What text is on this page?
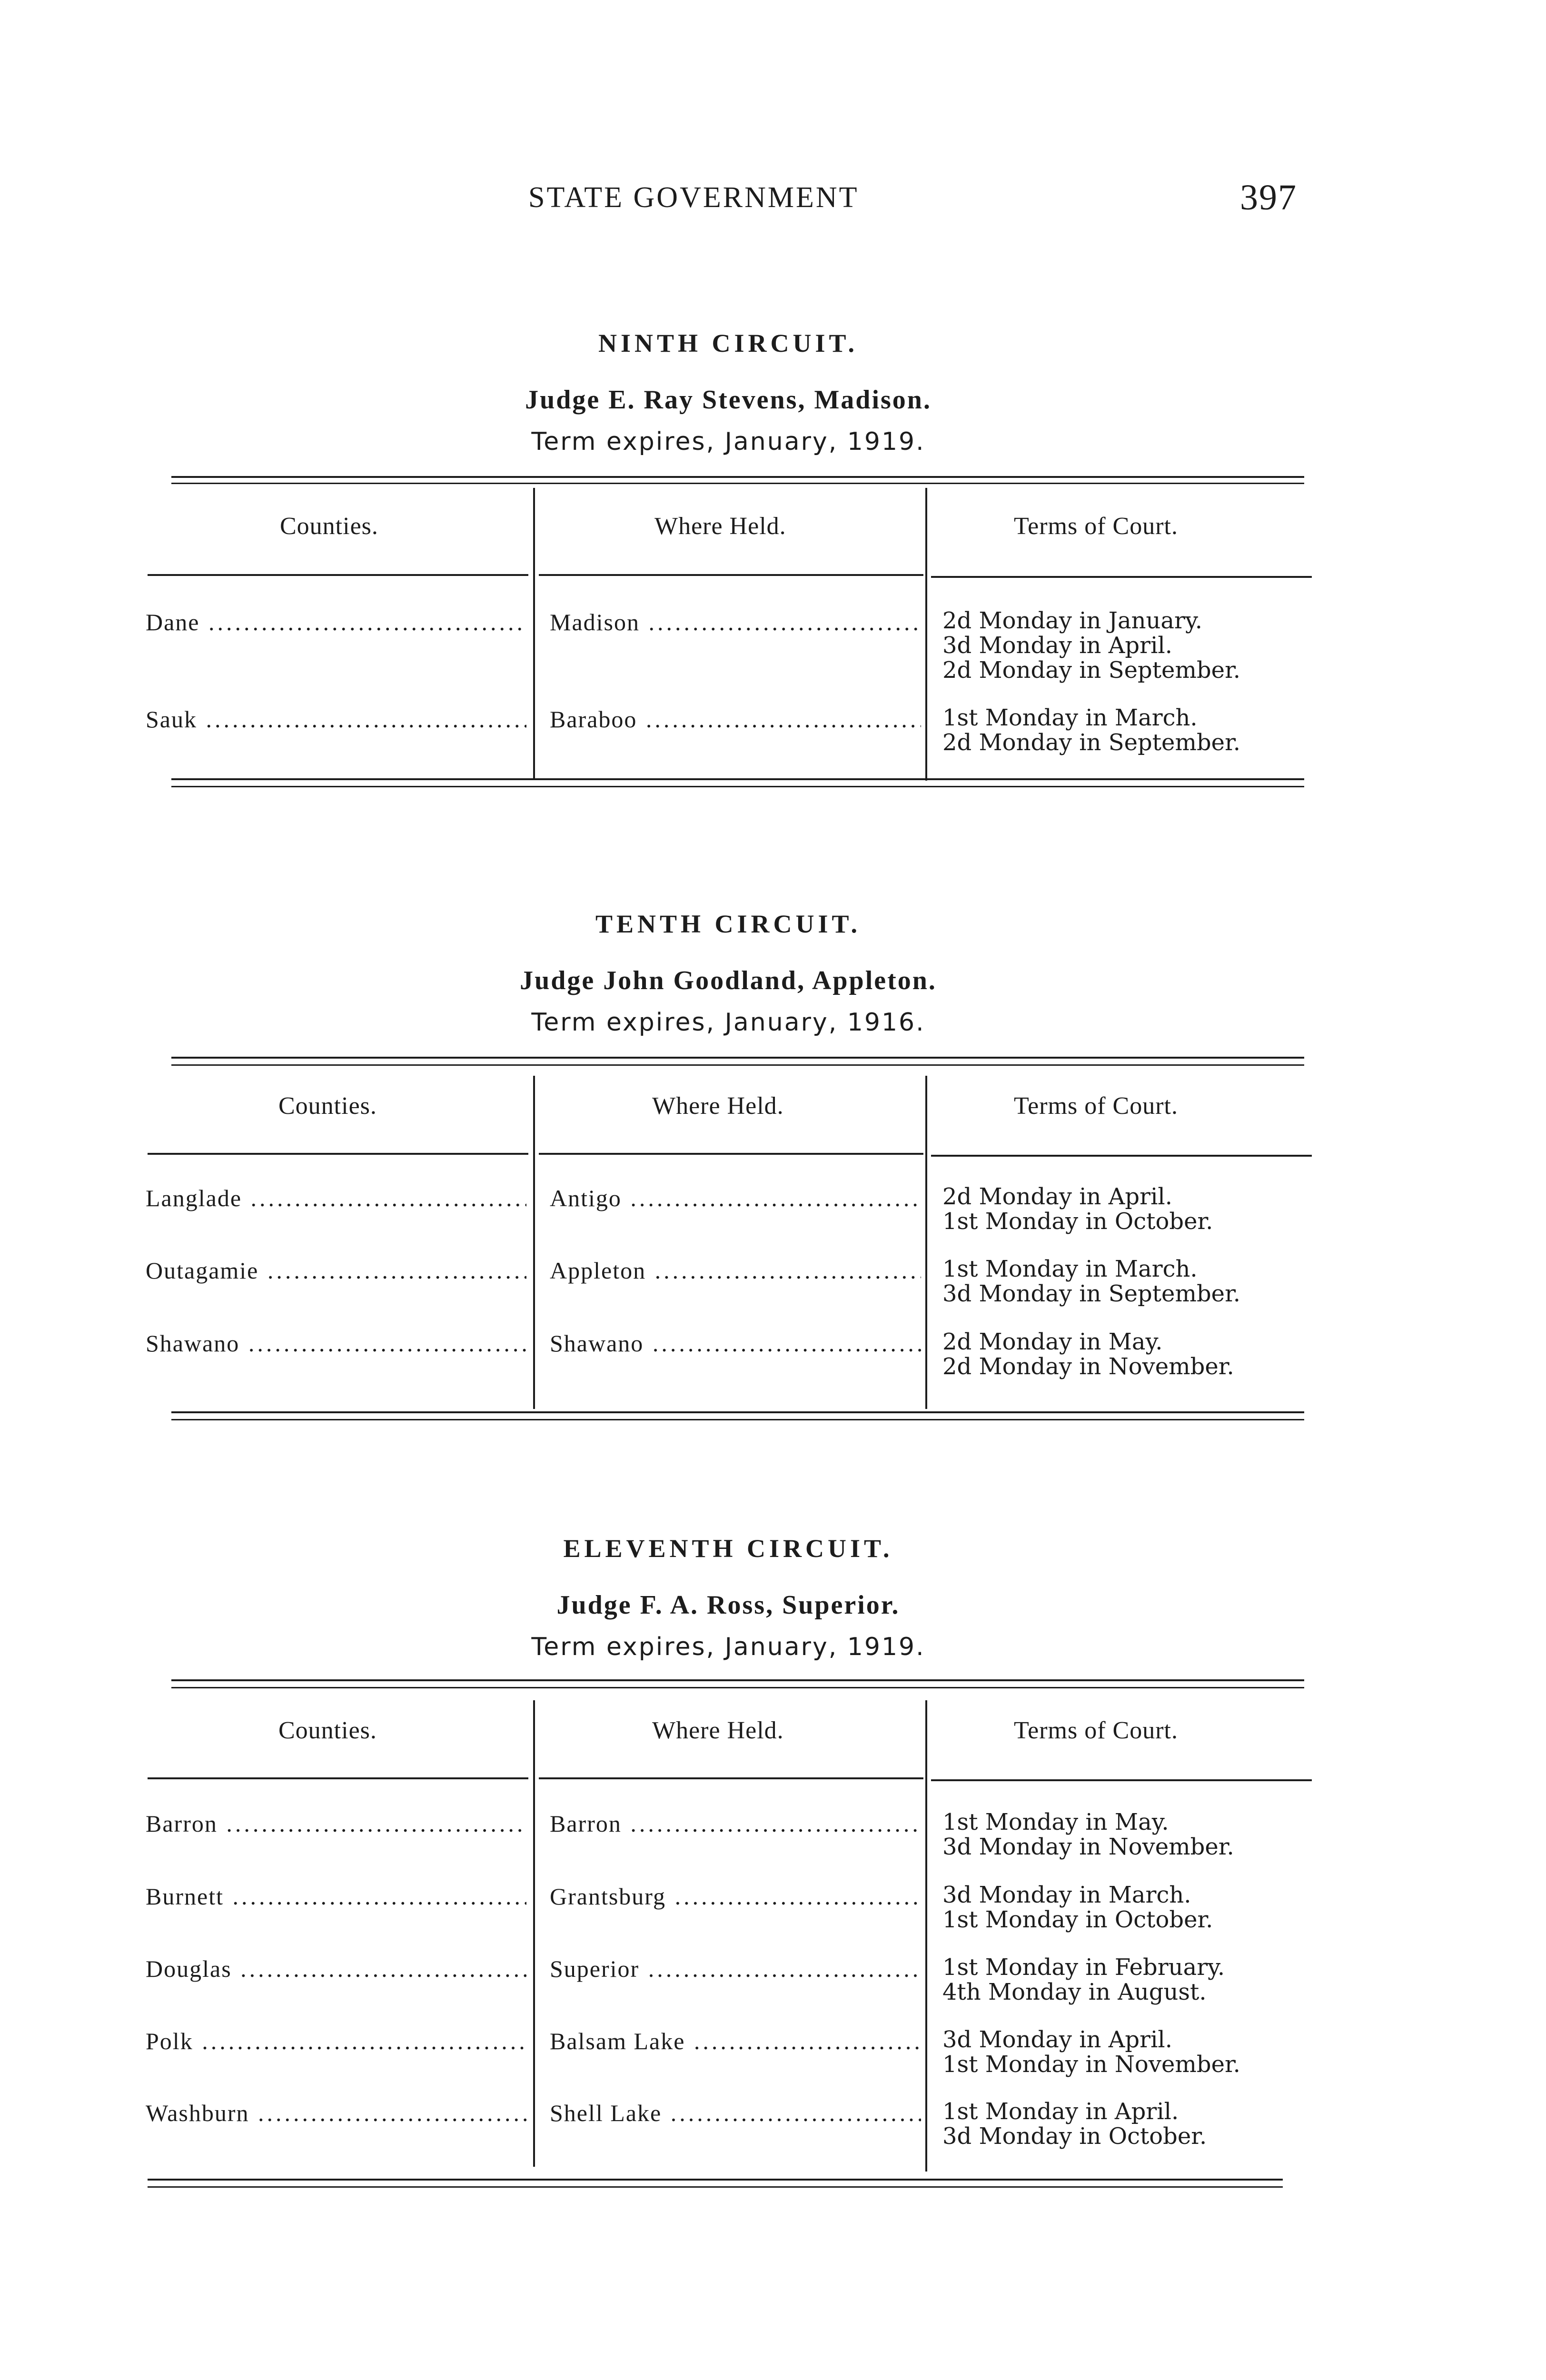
STATE GOVERNMENT	397
NINTH CIRCUIT.
Judge E. Ray Stevens, Madison.
Term expires, January, 1919.
Counties.	Where Held.	Terms of Court.
Dane .....	Madison .....	2d Monday in January.
3d Monday in April.
2d Monday in September.
Sauk .....	Baraboo .....	1st Monday in March.
2d Monday in September.
TENTH CIRCUIT.
Judge John Goodland, Appleton.
Term expires, January, 1916.
Counties.	Where Held.	Terms of Court.
Langlade .....	Antigo .....	2d Monday in April.
1st Monday in October.
Outagamie .....	Appleton .....	1st Monday in March.
3d Monday in September.
Shawano .....	Shawano .....	2d Monday in May.
2d Monday in November.
ELEVENTH CIRCUIT.
Judge F. A. Ross, Superior.
Term expires, January, 1919.
Counties.	Where Held.	Terms of Court.
Barron .....	Barron .....	1st Monday in May.
3d Monday in November.
Burnett .....	Grantsburg .....	3d Monday in March.
1st Monday in October.
Douglas .....	Superior .....	1st Monday in February.
4th Monday in August.
Polk .....	Balsam Lake .....	3d Monday in April.
1st Monday in November.
Washburn .....	Shell Lake .....	1st Monday in April.
3d Monday in October.
